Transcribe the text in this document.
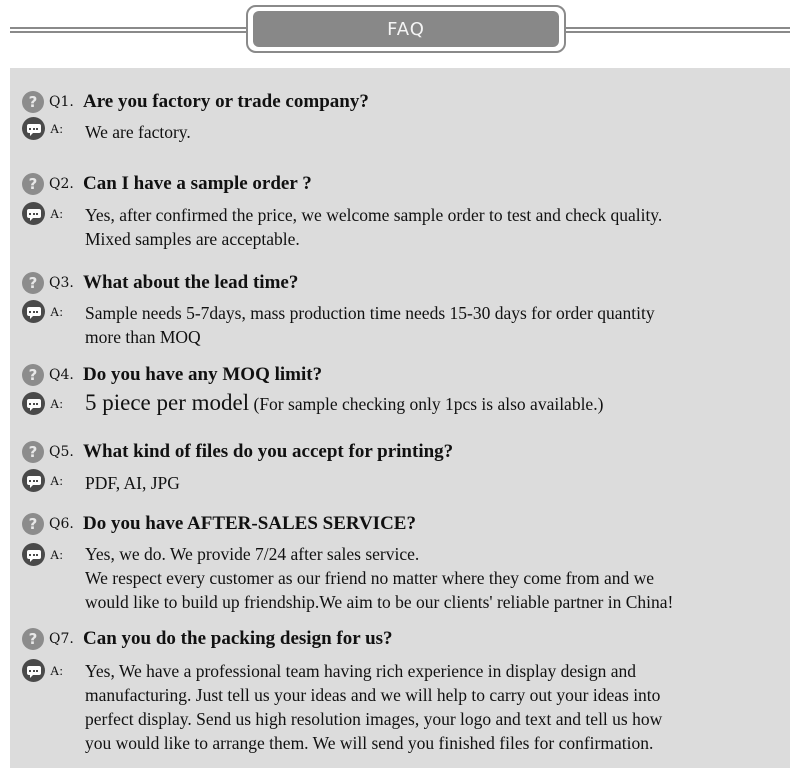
FAQ
? Q1. Are you factory or trade company?
A:	We are factory.
? Q2. Can I have a sample order ?
A:	Yes, after confirmed the price, we welcome sample order to test and check quality.
Mixed samples are acceptable.
? Q3. What about the lead time?
A:	Sample needs 5-7days, mass production time needs 15-30 days for order quantity
more than MOQ
? Q4. Do you have any MOQ limit?
A: 5 piece per model (For sample checking only 1pcs is also available.)
? Q5. What kind of files do you accept for printing?
A:	PDF, AI, JPG
? Q6. Do you have AFTER-SALES SERVICE?
A:	Yes, we do. We provide 7/24 after sales service.
We respect every customer as our friend no matter where they come from and we
would like to build up friendship.We aim to be our clients' reliable partner in China!
? Q7. Can you do the packing design for us?
A:	Yes, We have a professional team having rich experience in display design and
manufacturing. Just tell us your ideas and we will help to carry out your ideas into
perfect display. Send us high resolution images, your logo and text and tell us how
you would like to arrange them. We will send you finished files for confirmation.
